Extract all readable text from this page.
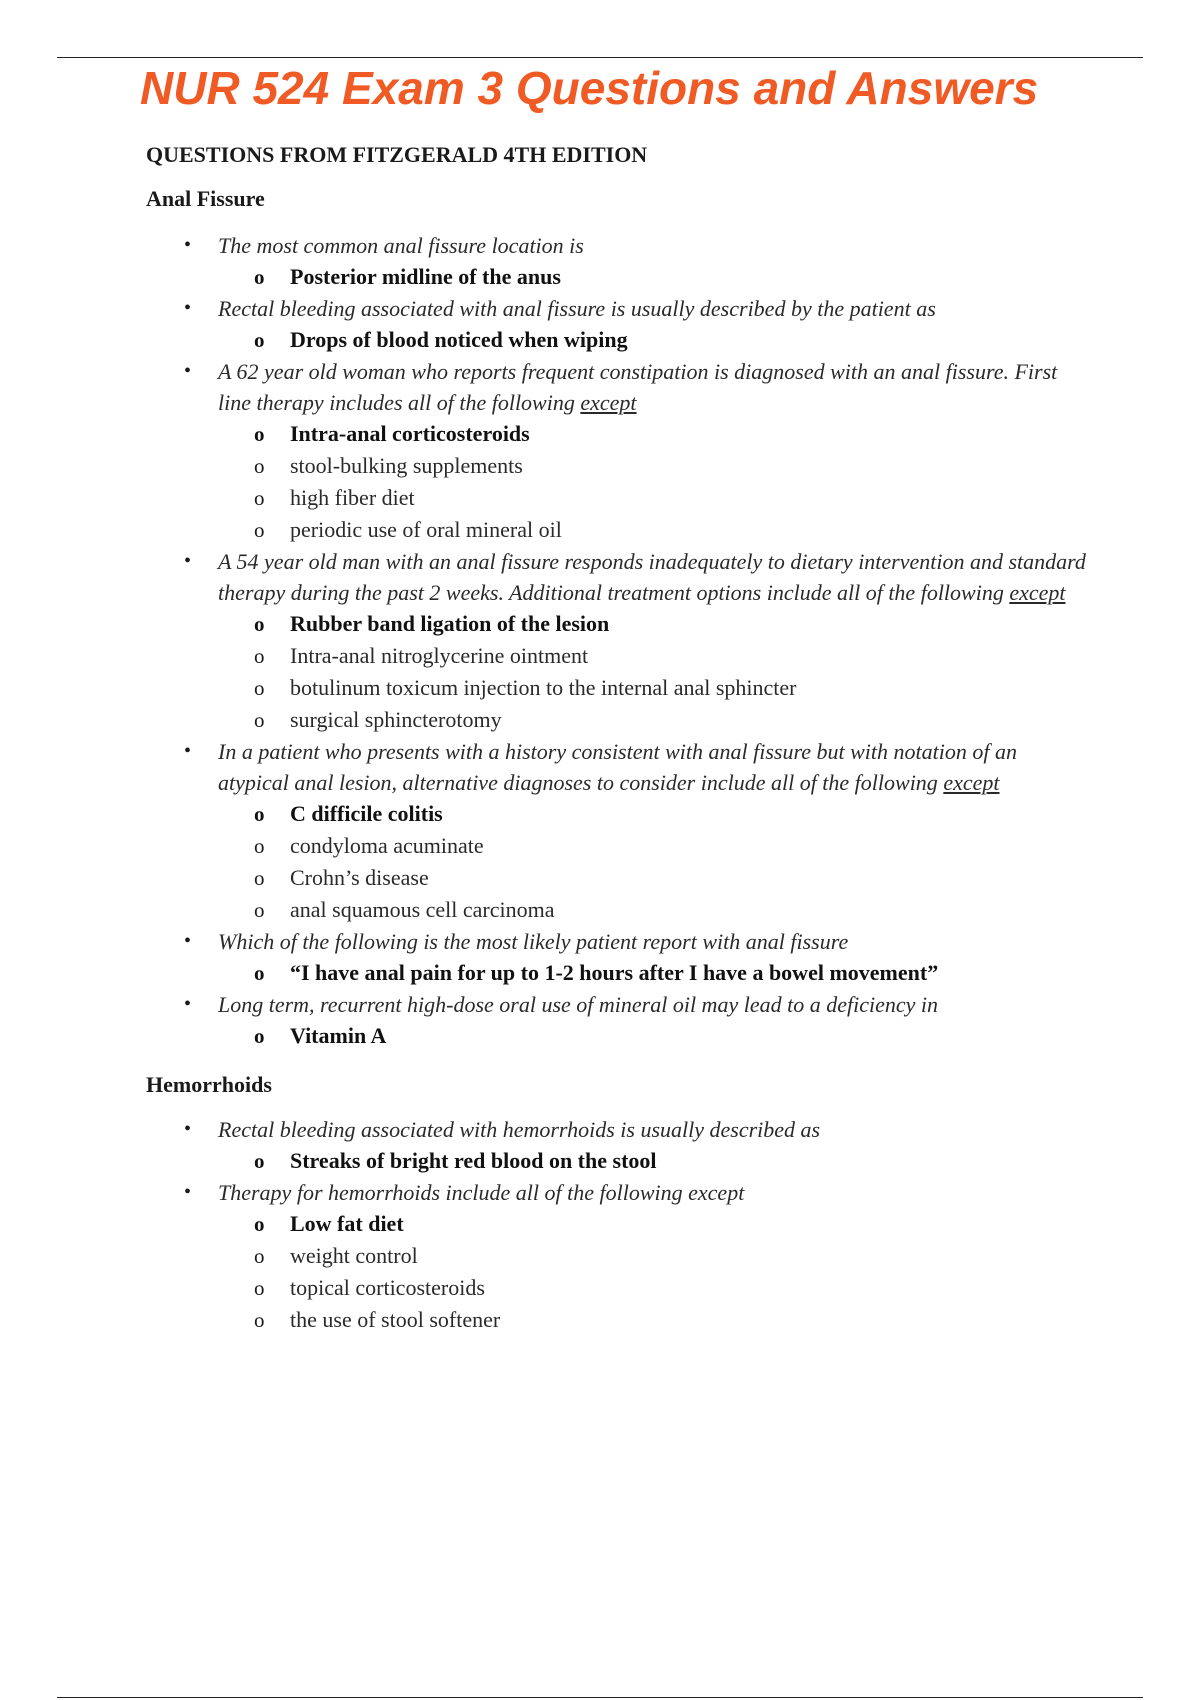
NUR 524 Exam 3 Questions and Answers
QUESTIONS FROM FITZGERALD 4TH EDITION
Anal Fissure
• The most common anal fissure location is
o Posterior midline of the anus
• Rectal bleeding associated with anal fissure is usually described by the patient as
o Drops of blood noticed when wiping
• A 62 year old woman who reports frequent constipation is diagnosed with an anal fissure. First line therapy includes all of the following except
o Intra-anal corticosteroids
o stool-bulking supplements
o high fiber diet
o periodic use of oral mineral oil
• A 54 year old man with an anal fissure responds inadequately to dietary intervention and standard therapy during the past 2 weeks. Additional treatment options include all of the following except
o Rubber band ligation of the lesion
o Intra-anal nitroglycerine ointment
o botulinum toxicum injection to the internal anal sphincter
o surgical sphincterotomy
• In a patient who presents with a history consistent with anal fissure but with notation of an atypical anal lesion, alternative diagnoses to consider include all of the following except
o C difficile colitis
o condyloma acuminate
o Crohn’s disease
o anal squamous cell carcinoma
• Which of the following is the most likely patient report with anal fissure
o “I have anal pain for up to 1-2 hours after I have a bowel movement”
• Long term, recurrent high-dose oral use of mineral oil may lead to a deficiency in
o Vitamin A
Hemorrhoids
• Rectal bleeding associated with hemorrhoids is usually described as
o Streaks of bright red blood on the stool
• Therapy for hemorrhoids include all of the following except
o Low fat diet
o weight control
o topical corticosteroids
o the use of stool softener
